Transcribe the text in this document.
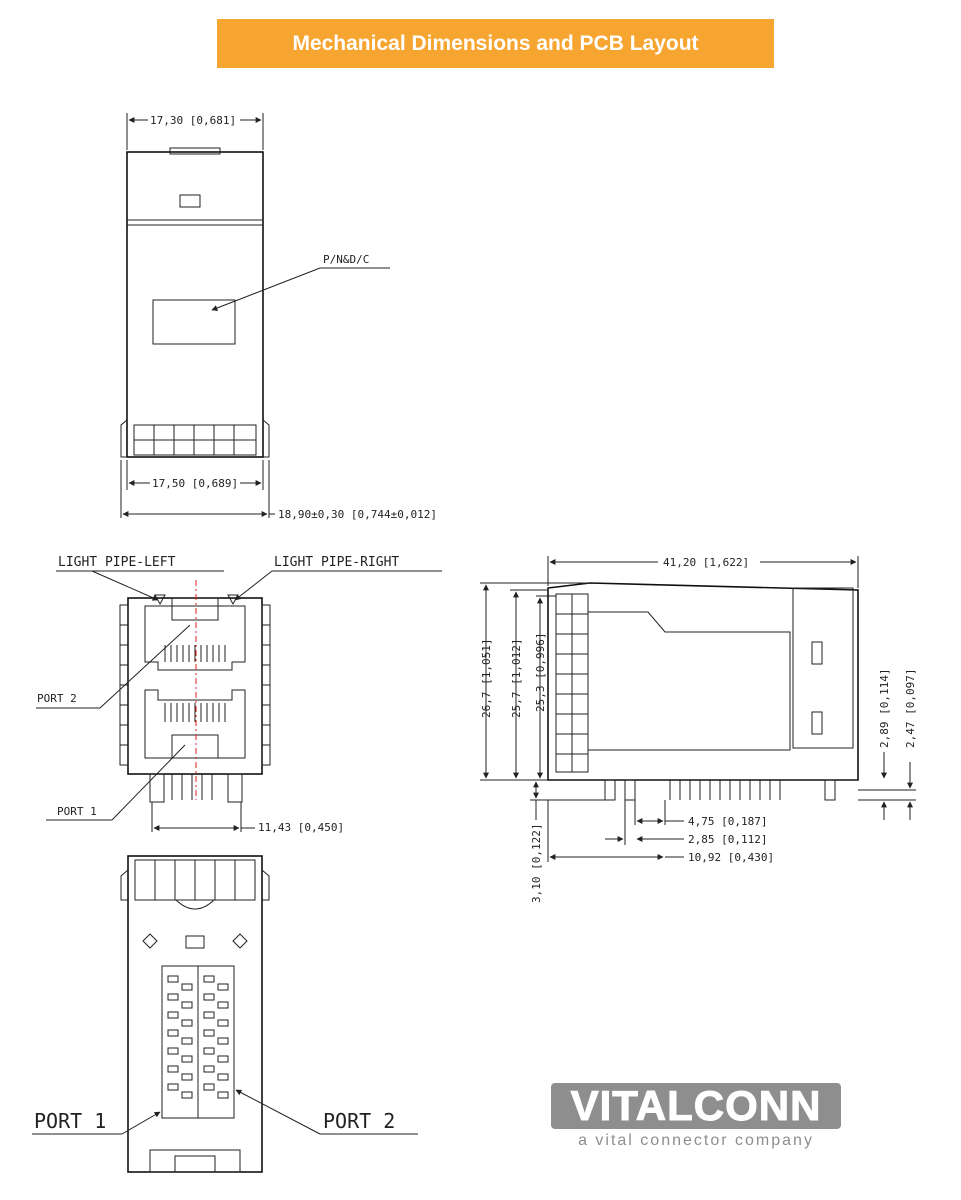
Mechanical Dimensions and PCB Layout
P/N&D/C
17,30 [0,681]
17,50 [0,689]
18,90±0,30 [0,744±0,012]
LIGHT PIPE-LEFT	LIGHT PIPE-RIGHT
PORT 2
PORT 1
11,43 [0,450]
41,20 [1,622]
26,7 [1,051] 25,7 [1,012] 25,3 [0,996]
3,10 [0,122]
2,89 [0,114] 2,47 [0,097]
4,75 [0,187]
2,85 [0,112]
10,92 [0,430]
PORT 1	PORT 2	VITALCONN
a vital connector company
